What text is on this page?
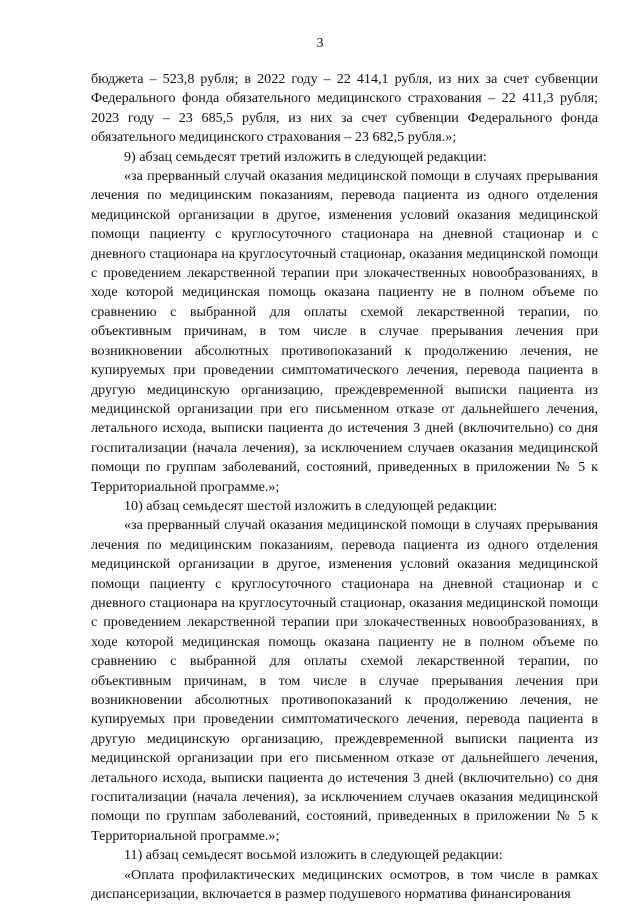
3

бюджета – 523,8 рубля; в 2022 году – 22 414,1 рубля, из них за счет субвенции Федерального фонда обязательного медицинского страхования – 22 411,3 рубля; 2023 году – 23 685,5 рубля, из них за счет субвенции Федерального фонда обязательного медицинского страхования – 23 682,5 рубля.»;

9) абзац семьдесят третий изложить в следующей редакции:

«за прерванный случай оказания медицинской помощи в случаях прерывания лечения по медицинским показаниям, перевода пациента из одного отделения медицинской организации в другое, изменения условий оказания медицинской помощи пациенту с круглосуточного стационара на дневной стационар и с дневного стационара на круглосуточный стационар, оказания медицинской помощи с проведением лекарственной терапии при злокачественных новообразованиях, в ходе которой медицинская помощь оказана пациенту не в полном объеме по сравнению с выбранной для оплаты схемой лекарственной терапии, по объективным причинам, в том числе в случае прерывания лечения при возникновении абсолютных противопоказаний к продолжению лечения, не купируемых при проведении симптоматического лечения, перевода пациента в другую медицинскую организацию, преждевременной выписки пациента из медицинской организации при его письменном отказе от дальнейшего лечения, летального исхода, выписки пациента до истечения 3 дней (включительно) со дня госпитализации (начала лечения), за исключением случаев оказания медицинской помощи по группам заболеваний, состояний, приведенных в приложении № 5 к Территориальной программе.»;

10) абзац семьдесят шестой изложить в следующей редакции:

«за прерванный случай оказания медицинской помощи в случаях прерывания лечения по медицинским показаниям, перевода пациента из одного отделения медицинской организации в другое, изменения условий оказания медицинской помощи пациенту с круглосуточного стационара на дневной стационар и с дневного стационара на круглосуточный стационар, оказания медицинской помощи с проведением лекарственной терапии при злокачественных новообразованиях, в ходе которой медицинская помощь оказана пациенту не в полном объеме по сравнению с выбранной для оплаты схемой лекарственной терапии, по объективным причинам, в том числе в случае прерывания лечения при возникновении абсолютных противопоказаний к продолжению лечения, не купируемых при проведении симптоматического лечения, перевода пациента в другую медицинскую организацию, преждевременной выписки пациента из медицинской организации при его письменном отказе от дальнейшего лечения, летального исхода, выписки пациента до истечения 3 дней (включительно) со дня госпитализации (начала лечения), за исключением случаев оказания медицинской помощи по группам заболеваний, состояний, приведенных в приложении № 5 к Территориальной программе.»;

11) абзац семьдесят восьмой изложить в следующей редакции:

«Оплата профилактических медицинских осмотров, в том числе в рамках диспансеризации, включается в размер подушевого норматива финансирования
